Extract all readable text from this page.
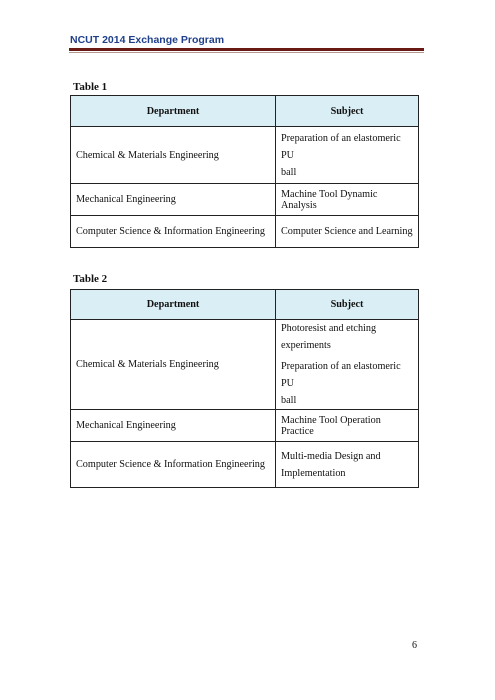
NCUT 2014 Exchange Program
Table 1
Department	Subject
Chemical & Materials Engineering	Preparation of an elastomeric PU
ball

Mechanical Engineering	Machine Tool Dynamic Analysis
Computer Science & Information Engineering	Computer Science and Learning
Table 2
Department	Subject
Chemical & Materials Engineering	Photoresist and etching
experiments
Preparation of an elastomeric PU
ball

Mechanical Engineering	Machine Tool Operation Practice
Computer Science & Information Engineering	Multi-media Design and
Implementation
6
